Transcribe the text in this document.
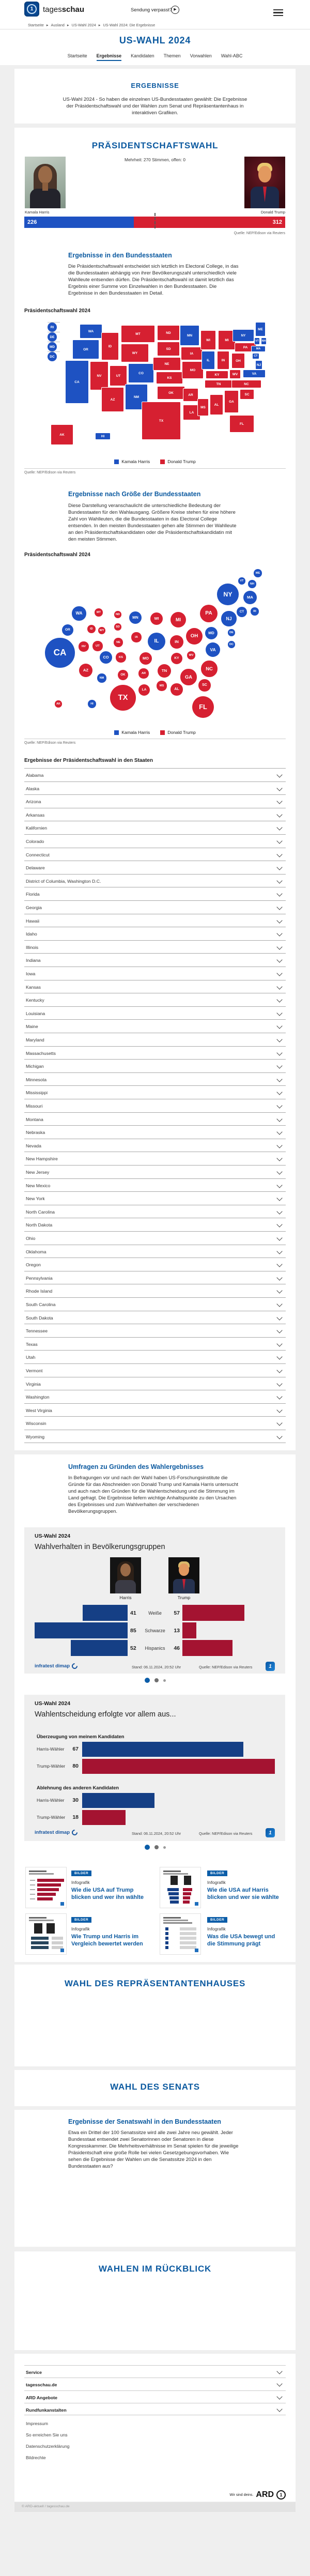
1	tagesschau	Sendung verpasst? ▶
Startseite ▸ Ausland ▸ US-Wahl 2024 ▸ US-Wahl 2024: Die Ergebnisse
US-WAHL 2024
Startseite Ergebnisse Kandidaten Themen Vorwahlen Wahl-ABC
ERGEBNISSE
US-Wahl 2024 - So haben die einzelnen US-Bundesstaaten gewählt: Die Ergebnisse der Präsidentschaftswahl und der Wahlen zum Senat und Repräsentantenhaus in interaktiven Grafiken.
PRÄSIDENTSCHAFTSWAHL
Mehrheit: 270 Stimmen, offen: 0
Kamala Harris	Donald Trump
226	312
Quelle: NEP/Edison via Reuters
Ergebnisse in den Bundesstaaten
Die Präsidentschaftswahl entscheidet sich letztlich im Electoral College, in das die Bundesstaaten abhängig von ihrer Bevölkerungszahl unterschiedlich viele Wahlleute entsenden dürfen. Die Präsidentschaftswahl ist damit letztlich das Ergebnis einer Summe von Einzelwahlen in den Bundesstaaten. Die Ergebnisse in den Bundesstaaten im Detail.
Präsidentschaftswahl 2024
WA
OR
CA
ID
NV	UT
AZ
MT
WY
CO
NM
ND
SD
NE
KS
OK
TX
MN
IA
MO
AR
LA
WI
IL
MS
MI
IN
KY
TN
AL
OH
GA
FL
SC
NC
WV	VA
PA
NY
NJ
ME
VT	NH
MA
CT
AK	HI
RI
DE
MD
DC
Kamala Harris	Donald Trump
Quelle: NEP/Edison via Reuters
Ergebnisse nach Größe der Bundesstaaten
Diese Darstellung veranschaulicht die unterschiedliche Bedeutung der Bundesstaaten für den Wahlausgang. Größere Kreise stehen für eine höhere Zahl von Wahlleuten, die die Bundesstaaten in das Electoral College entsenden. In den meisten Bundesstaaten gehen alle Stimmen der Wahlleute an den Präsidentschaftskandidaten oder die Präsidentschaftskandidatin mit den meisten Stimmen.
Präsidentschaftswahl 2024
ME
VT
NH
NY	MA
CT	RI
WA	MT
ND
MN	WI	MI
PA
NJ
OR	ID	WY
SD
IA
IL	IN
OH
MD	DE
DC
NV	UT
NE
CA	CO	KS	MO	KY
WV
VA
AZ
NM
OK	AR
TN	NC
SC
GA
MS
AL
LA
TX
FL
AK	HI
Kamala Harris	Donald Trump
Quelle: NEP/Edison via Reuters
Ergebnisse der Präsidentschaftswahl in den Staaten
Alabama
Alaska
Arizona
Arkansas
Kalifornien
Colorado
Connecticut
Delaware
District of Columbia, Washington D.C.
Florida
Georgia
Hawaii
Idaho
Illinois
Indiana
Iowa
Kansas
Kentucky
Louisiana
Maine
Maryland
Massachusetts
Michigan
Minnesota
Mississippi
Missouri
Montana
Nebraska
Nevada
New Hampshire
New Jersey
New Mexico
New York
North Carolina
North Dakota
Ohio
Oklahoma
Oregon
Pennsylvania
Rhode Island
South Carolina
South Dakota
Tennessee
Texas
Utah
Vermont
Virginia
Washington
West Virginia
Wisconsin
Wyoming
Umfragen zu Gründen des Wahlergebnisses
In Befragungen vor und nach der Wahl haben US-Forschungsinstitute die Gründe für das Abschneiden von Donald Trump und Kamala Harris untersucht und auch nach den Gründen für die Wahlentscheidung und die Stimmung im Land gefragt. Die Ergebnisse liefern wichtige Anhaltspunkte zu den Ursachen des Ergebnisses und zum Wahlverhalten der verschiedenen Bevölkerungsgruppen.
US-Wahl 2024
Wahlverhalten in Bevölkerungsgruppen
Harris	Trump
41	Weiße	57
85	Schwarze	13
52	Hispanics	46
infratest dimap	Stand: 06.11.2024, 20:52 Uhr	Quelle: NEP/Edison via Reuters	1
US-Wahl 2024
Wahlentscheidung erfolgte vor allem aus...
Überzeugung von meinem Kandidaten
Harris-Wähler	67
Trump-Wähler	80
Ablehnung des anderen Kandidaten
Harris-Wähler	30
Trump-Wähler	18
infratest dimap	Stand: 06.11.2024, 20:52 Uhr	Quelle: NEP/Edison via Reuters	1
BILDER
Infografik
Wie die USA auf Trump blicken und wer ihn wählte
BILDER
Infografik
Wie die USA auf Harris blicken und wer sie wählte
BILDER
Infografik
Wie Trump und Harris im Vergleich bewertet werden
BILDER
Infografik
Was die USA bewegt und die Stimmung prägt
WAHL DES REPRÄSENTANTENHAUSES
WAHL DES SENATS
Ergebnisse der Senatswahl in den Bundesstaaten
Etwa ein Drittel der 100 Senatssitze wird alle zwei Jahre neu gewählt. Jeder Bundesstaat entsendet zwei Senatorinnen oder Senatoren in diese Kongresskammer. Die Mehrheitsverhältnisse im Senat spielen für die jeweilige Präsidentschaft eine große Rolle bei vielen Gesetzgebungsvorhaben. Wie sehen die Ergebnisse der Wahlen um die Senatssitze 2024 in den Bundesstaaten aus?
WAHLEN IM RÜCKBLICK
Service
tagesschau.de
ARD Angebote
Rundfunkanstalten
Impressum
So erreichen Sie uns
Datenschutzerklärung
Bildrechte
Wir sind deins. ARD	1
© ARD-aktuell / tagesschau.de
